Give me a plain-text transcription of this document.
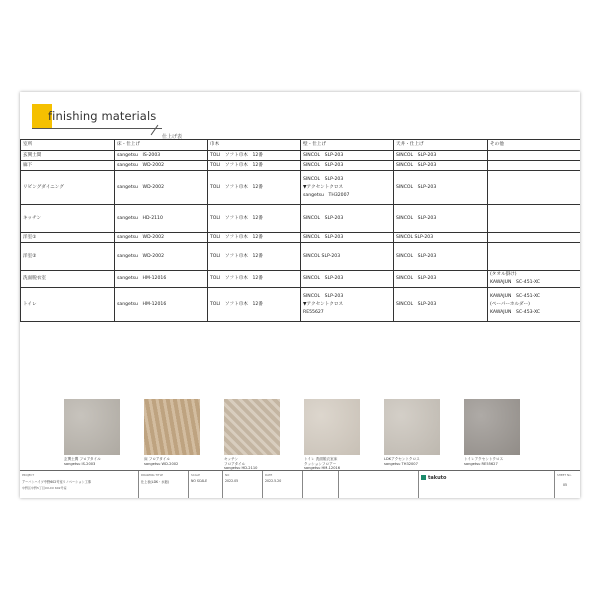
finishing materials
仕上げ表
室所	床・仕上げ	巾木	壁・仕上げ	天井・仕上げ	その他

玄関土間	sangetsu　IS-2003	TOLI　ソフト巾木　12番	SINCOL　SLP-203	SINCOL　SLP-203	

廊下	sangetsu　WD-2002	TOLI　ソフト巾木　12番	SINCOL　SLP-203	SINCOL　SLP-203	

リビングダイニング	sangetsu　WD-2002	TOLI　ソフト巾木　12番	SINCOL　SLP-203
▼アクセントクロス
sangetsu　TH32007	SINCOL　SLP-203	

キッチン	sangetsu　HD-2110	TOLI　ソフト巾木　12番	SINCOL　SLP-203	SINCOL　SLP-203	

洋室①	sangetsu　WD-2002	TOLI　ソフト巾木　12番	SINCOL　SLP-203	SINCOL SLP-203	

洋室②	sangetsu　WD-2002	TOLI　ソフト巾木　12番	SINCOL SLP-203	SINCOL　SLP-203	

洗面脱衣室	sangetsu　HM-12016	TOLI　ソフト巾木　12番	SINCOL　SLP-203	SINCOL　SLP-203	(タオル掛け)
KAWAJUN　SC-451-XC

トイレ	sangetsu　HM-12016	TOLI　ソフト巾木　12番	SINCOL　SLP-203
▼アクセントクロス
RE55627	SINCOL　SLP-203	KAWAJUN　SC-451-XC
(ペーパーホルダー)
KAWAJUN　SC-453-XC
玄関土間 フロアタイル
sangetsu IS-2003
床 フロアタイル
sangetsu WD-2002
キッチン
フロアタイル
sangetsu HD-2110
トイレ 洗面脱衣室床
クッションフロアー
sangetsu HM-12016
LDKアクセントクロス
sangetsu TH32007
トイレアクセントクロス
sangetsu RE55627
PROJECT
アーバンハイツ中野602号室リノベーション工事
中野区中野5丁目XX-XX 602号室
DRAWING TITLE
仕上表(LDK・水廻)
SCALE
NO SCALE
NO
2022.05
DATE
2022.5.20	takuto	SHEET No.
05
